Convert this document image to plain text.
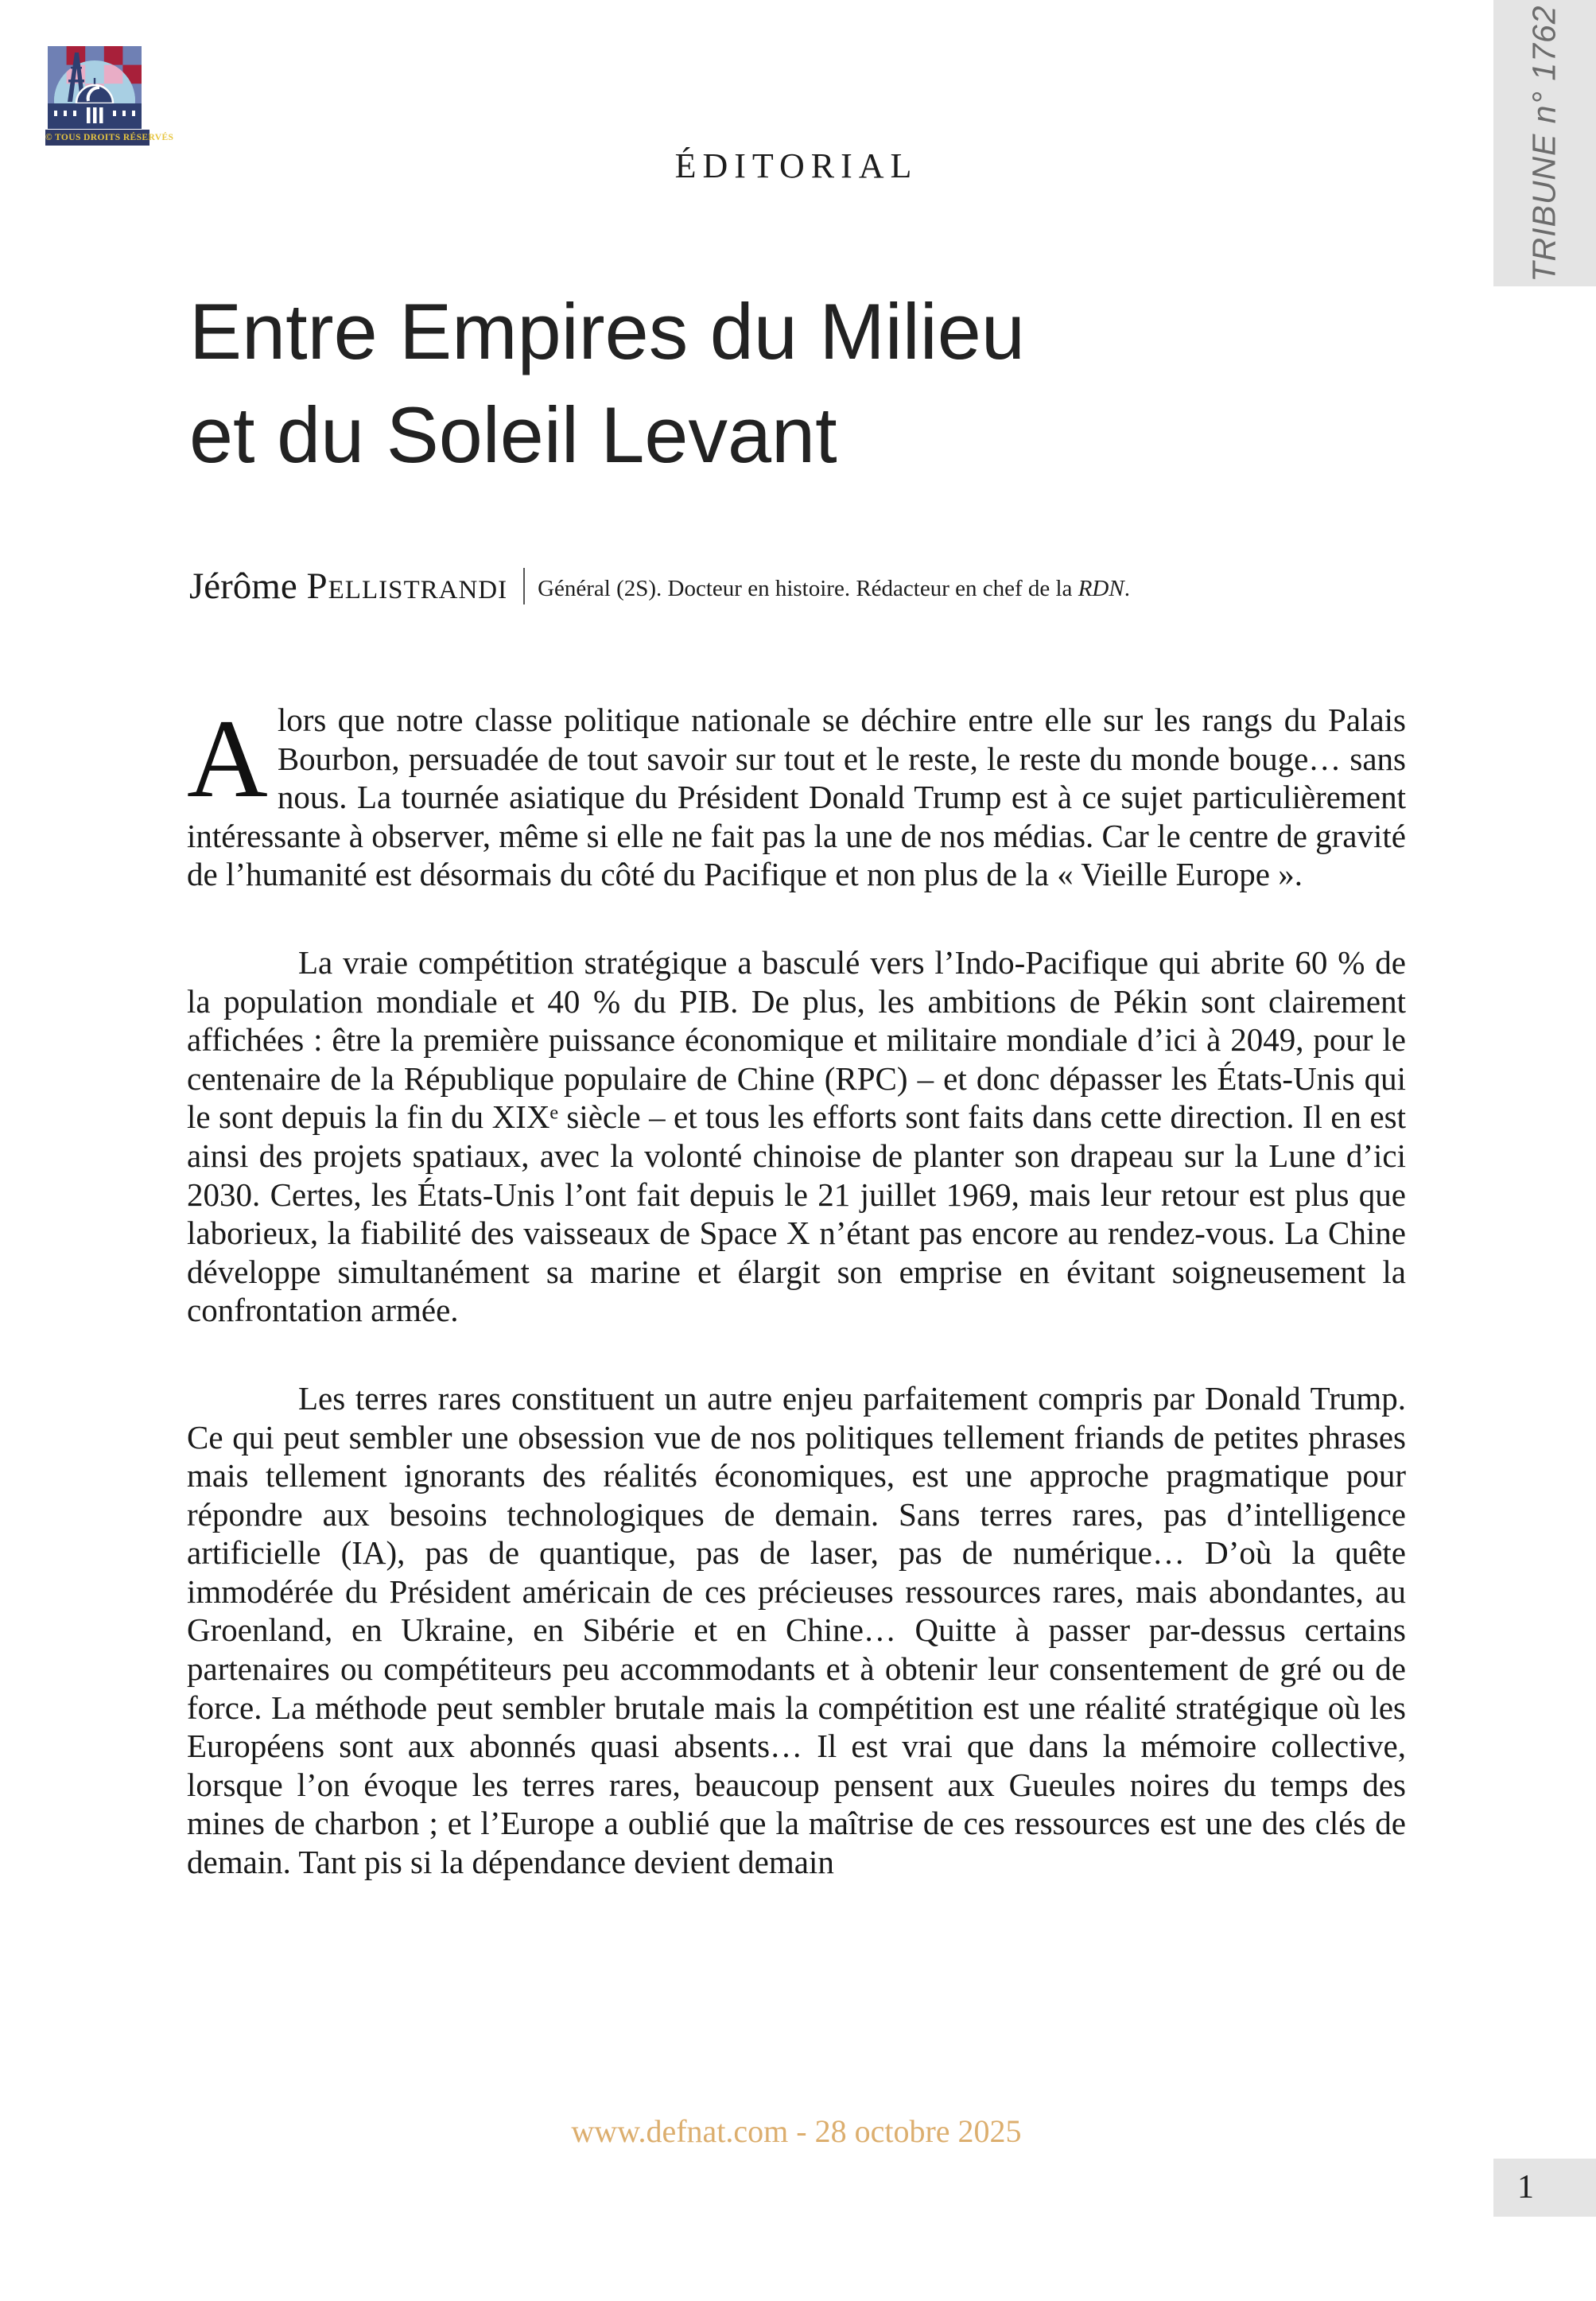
TRIBUNE n° 1762
© TOUS DROITS RÉSERVÉS
ÉDITORIAL
Entre Empires du Milieu
et du Soleil Levant
Jérôme Pellistrandi Général (2S). Docteur en histoire. Rédacteur en chef de la RDN.

Alors que notre classe politique nationale se déchire entre elle sur les rangs du Palais Bourbon, persuadée de tout savoir sur tout et le reste, le reste du monde bouge… sans nous. La tournée asiatique du Président Donald Trump est à ce sujet particulièrement intéressante à observer, même si elle ne fait pas la une de nos médias. Car le centre de gravité de l’humanité est désormais du côté du Pacifique et non plus de la « Vieille Europe ».

La vraie compétition stratégique a basculé vers l’Indo-Pacifique qui abrite 60 % de la population mondiale et 40 % du PIB. De plus, les ambitions de Pékin sont clairement affichées : être la première puissance économique et militaire mondiale d’ici à 2049, pour le centenaire de la République populaire de Chine (RPC) – et donc dépasser les États-Unis qui le sont depuis la fin du XIXᵉ siècle – et tous les efforts sont faits dans cette direction. Il en est ainsi des projets spatiaux, avec la volonté chinoise de planter son drapeau sur la Lune d’ici 2030. Certes, les États-Unis l’ont fait depuis le 21 juillet 1969, mais leur retour est plus que laborieux, la fiabilité des vaisseaux de Space X n’étant pas encore au rendez-vous. La Chine développe simultanément sa marine et élargit son emprise en évitant soigneusement la confrontation armée.

Les terres rares constituent un autre enjeu parfaitement compris par Donald Trump. Ce qui peut sembler une obsession vue de nos politiques tellement friands de petites phrases mais tellement ignorants des réalités économiques, est une approche pragmatique pour répondre aux besoins technologiques de demain. Sans terres rares, pas d’intelligence artificielle (IA), pas de quantique, pas de laser, pas de numérique… D’où la quête immodérée du Président américain de ces précieuses ressources rares, mais abondantes, au Groenland, en Ukraine, en Sibérie et en Chine… Quitte à passer par-dessus certains partenaires ou compétiteurs peu accommodants et à obtenir leur consentement de gré ou de force. La méthode peut sembler brutale mais la compétition est une réalité stratégique où les Européens sont aux abonnés quasi absents… Il est vrai que dans la mémoire collective, lorsque l’on évoque les terres rares, beaucoup pensent aux Gueules noires du temps des mines de charbon ; et l’Europe a oublié que la maîtrise de ces ressources est une des clés de demain. Tant pis si la dépendance devient demain

www.defnat.com - 28 octobre 2025
1
